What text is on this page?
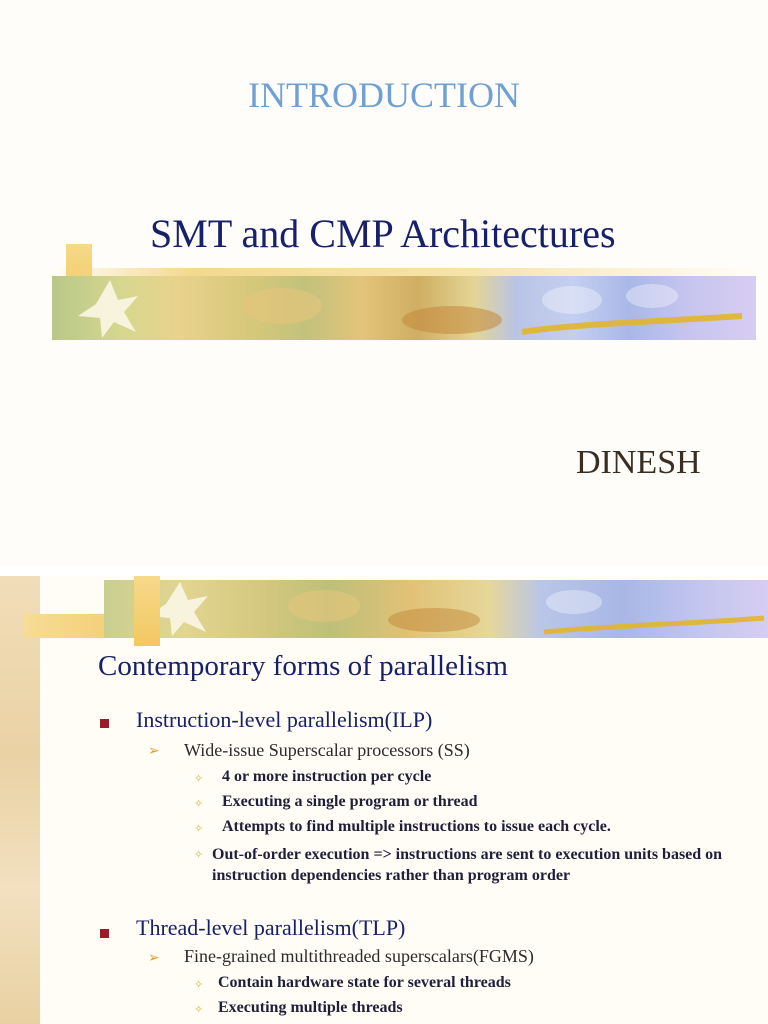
INTRODUCTION
SMT and CMP Architectures
DINESH
Contemporary forms of parallelism
Instruction-level parallelism(ILP)
➢ Wide-issue Superscalar processors (SS)
✧ 4 or more instruction per cycle
✧ Executing a single program or thread
✧ Attempts to find multiple instructions to issue each cycle.
✧ Out-of-order execution => instructions are sent to execution units based on instruction dependencies rather than program order
Thread-level parallelism(TLP)
➢ Fine-grained multithreaded superscalars(FGMS)
✧ Contain hardware state for several threads
✧ Executing multiple threads
